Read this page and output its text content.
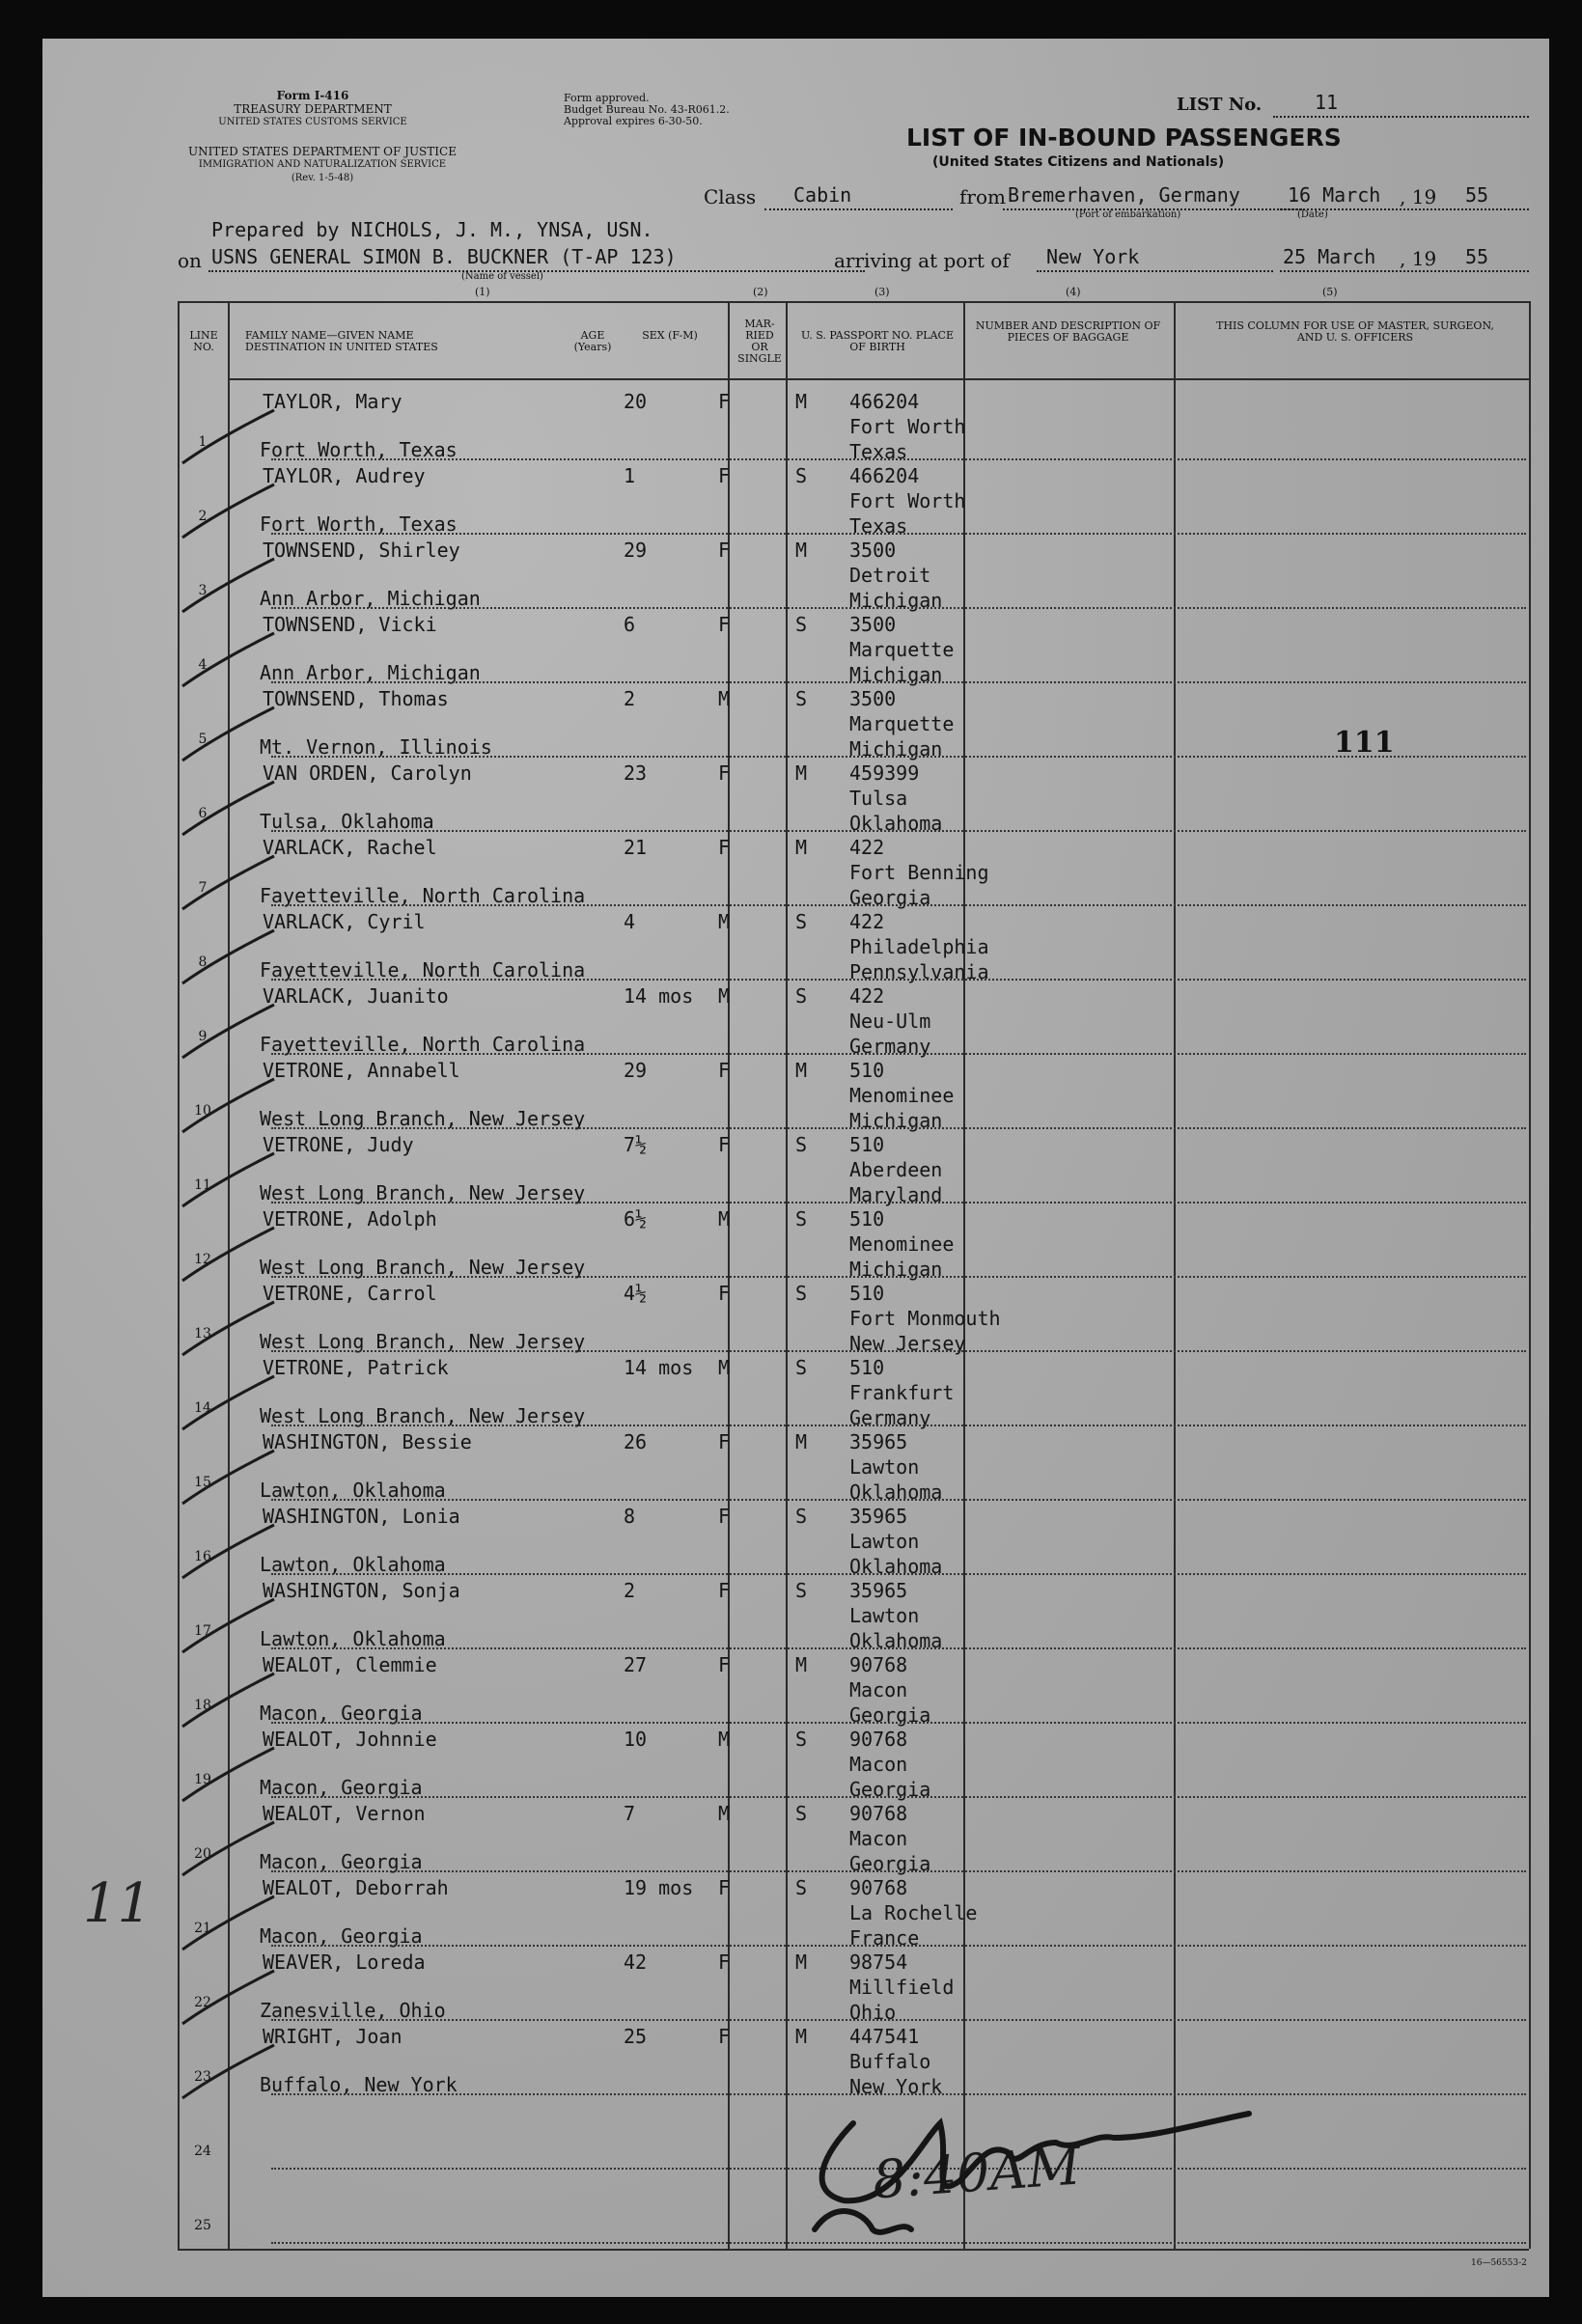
Form I-416
TREASURY DEPARTMENT
UNITED STATES CUSTOMS SERVICE
UNITED STATES DEPARTMENT OF JUSTICE
IMMIGRATION AND NATURALIZATION SERVICE
(Rev. 1-5-48)
Form approved.
Budget Bureau No. 43-R061.2.
Approval expires 6-30-50.
LIST No.	11
LIST OF IN-BOUND PASSENGERS
(United States Citizens and Nationals)
Class Cabin	from Bremerhaven, Germany
(Port of embarkation)
16 March , 19 55
(Date)
Prepared by NICHOLS, J. M., YNSA, USN.
on USNS GENERAL SIMON B. BUCKNER (T-AP 123)
(Name of vessel)
arriving at port of New York	25 March , 19 55
(1)	(2)	(3)	(4)	(5)
LINE NO.
FAMILY NAME—GIVEN NAME DESTINATION IN UNITED STATES
AGE (Years)
SEX (F-M)
MAR- RIED OR SINGLE
U. S. PASSPORT NO. PLACE OF BIRTH
NUMBER AND DESCRIPTION OF PIECES OF BAGGAGE
THIS COLUMN FOR USE OF MASTER, SURGEON, AND U. S. OFFICERS
1
TAYLOR, Mary
Fort Worth, Texas
20	F	M 466204
Fort Worth
Texas
2
TAYLOR, Audrey
Fort Worth, Texas
1	F	S 466204
Fort Worth
Texas
3
TOWNSEND, Shirley
Ann Arbor, Michigan
29	F	M 3500
Detroit
Michigan
4
TOWNSEND, Vicki
Ann Arbor, Michigan
6	F	S 3500
Marquette
Michigan
5
TOWNSEND, Thomas
Mt. Vernon, Illinois
2	M	S 3500
Marquette
Michigan
6
VAN ORDEN, Carolyn
Tulsa, Oklahoma
23	F	M 459399
Tulsa
Oklahoma
7
VARLACK, Rachel
Fayetteville, North Carolina
21	F	M 422
Fort Benning
Georgia
8
VARLACK, Cyril
Fayetteville, North Carolina
4	M	S 422
Philadelphia
Pennsylvania
9
VARLACK, Juanito
Fayetteville, North Carolina
14 mos M	S 422
Neu-Ulm
Germany
10
VETRONE, Annabell
West Long Branch, New Jersey
29	F	M 510
Menominee
Michigan
11
VETRONE, Judy
West Long Branch, New Jersey
7½	F	S 510
Aberdeen
Maryland
12
VETRONE, Adolph
West Long Branch, New Jersey
6½	M	S 510
Menominee
Michigan
13
VETRONE, Carrol
West Long Branch, New Jersey
4½	F	S 510
Fort Monmouth
New Jersey
14
VETRONE, Patrick
West Long Branch, New Jersey
14 mos M	S 510
Frankfurt
Germany
15
WASHINGTON, Bessie
Lawton, Oklahoma
26	F	M 35965
Lawton
Oklahoma
16
WASHINGTON, Lonia
Lawton, Oklahoma
8	F	S 35965
Lawton
Oklahoma
17
WASHINGTON, Sonja
Lawton, Oklahoma
2	F	S 35965
Lawton
Oklahoma
18
WEALOT, Clemmie
Macon, Georgia
27	F	M 90768
Macon
Georgia
19
WEALOT, Johnnie
Macon, Georgia
10	M	S 90768
Macon
Georgia
20
WEALOT, Vernon
Macon, Georgia
7	M	S 90768
Macon
Georgia
21
WEALOT, Deborrah
Macon, Georgia
19 mos F	S 90768
La Rochelle
France
22
WEAVER, Loreda
Zanesville, Ohio
42	F	M 98754
Millfield
Ohio
23
WRIGHT, Joan
Buffalo, New York
25	F	M 447541
Buffalo
New York
24
25
111
11
8:40AM
16—56553-2
